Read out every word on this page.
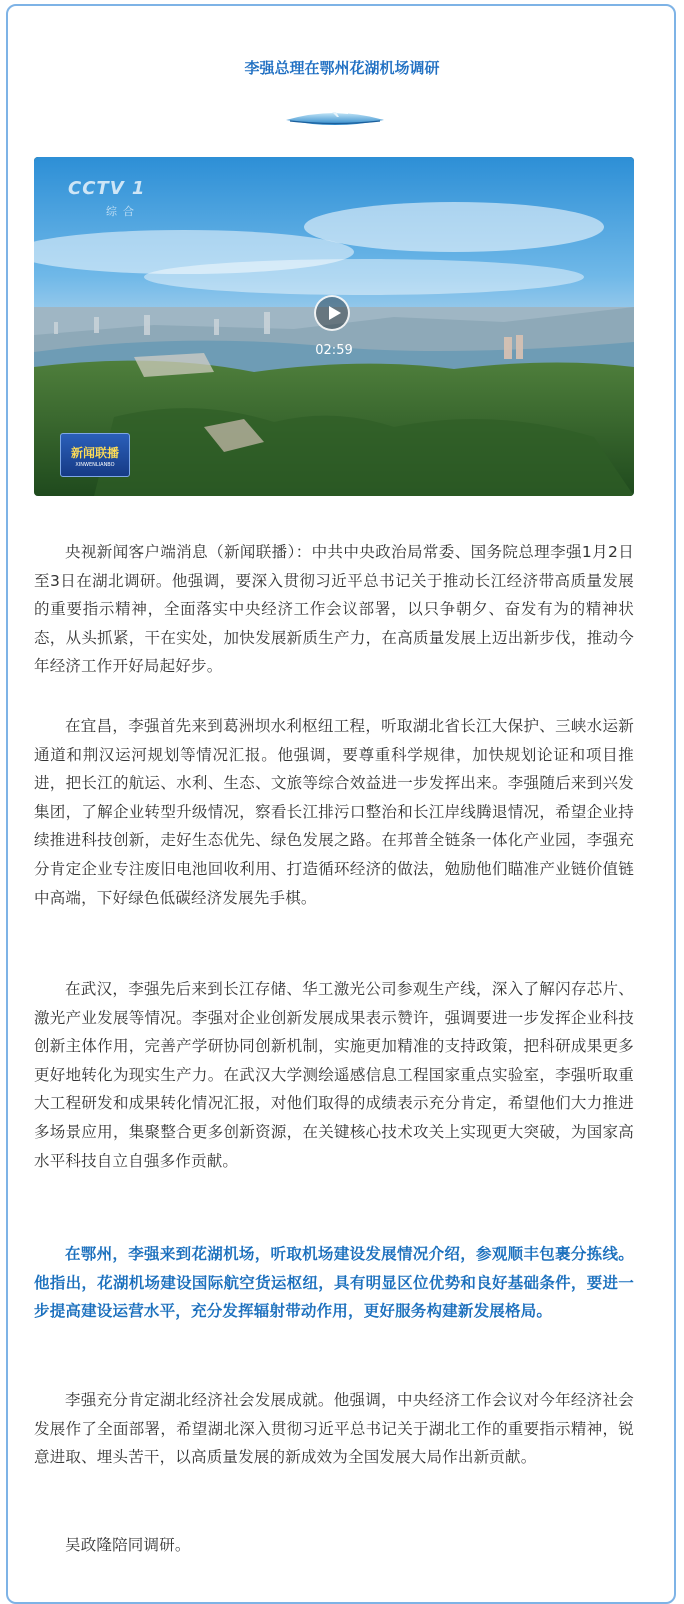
李强总理在鄂州花湖机场调研
CCTV 1
综合
02:59
新闻联播
XINWENLIANBO

央视新闻客户端消息（新闻联播）：中共中央政治局常委、国务院总理李强1月2日至3日在湖北调研。他强调，要深入贯彻习近平总书记关于推动长江经济带高质量发展的重要指示精神，全面落实中央经济工作会议部署，以只争朝夕、奋发有为的精神状态，从头抓紧，干在实处，加快发展新质生产力，在高质量发展上迈出新步伐，推动今年经济工作开好局起好步。

在宜昌，李强首先来到葛洲坝水利枢纽工程，听取湖北省长江大保护、三峡水运新通道和荆汉运河规划等情况汇报。他强调，要尊重科学规律，加快规划论证和项目推进，把长江的航运、水利、生态、文旅等综合效益进一步发挥出来。李强随后来到兴发集团，了解企业转型升级情况，察看长江排污口整治和长江岸线腾退情况，希望企业持续推进科技创新，走好生态优先、绿色发展之路。在邦普全链条一体化产业园，李强充分肯定企业专注废旧电池回收利用、打造循环经济的做法，勉励他们瞄准产业链价值链中高端，下好绿色低碳经济发展先手棋。

在武汉，李强先后来到长江存储、华工激光公司参观生产线，深入了解闪存芯片、激光产业发展等情况。李强对企业创新发展成果表示赞许，强调要进一步发挥企业科技创新主体作用，完善产学研协同创新机制，实施更加精准的支持政策，把科研成果更多更好地转化为现实生产力。在武汉大学测绘遥感信息工程国家重点实验室，李强听取重大工程研发和成果转化情况汇报，对他们取得的成绩表示充分肯定，希望他们大力推进多场景应用，集聚整合更多创新资源，在关键核心技术攻关上实现更大突破，为国家高水平科技自立自强多作贡献。

在鄂州，李强来到花湖机场，听取机场建设发展情况介绍，参观顺丰包裹分拣线。他指出，花湖机场建设国际航空货运枢纽，具有明显区位优势和良好基础条件，要进一步提高建设运营水平，充分发挥辐射带动作用，更好服务构建新发展格局。

李强充分肯定湖北经济社会发展成就。他强调，中央经济工作会议对今年经济社会发展作了全面部署，希望湖北深入贯彻习近平总书记关于湖北工作的重要指示精神，锐意进取、埋头苦干，以高质量发展的新成效为全国发展大局作出新贡献。

吴政隆陪同调研。
